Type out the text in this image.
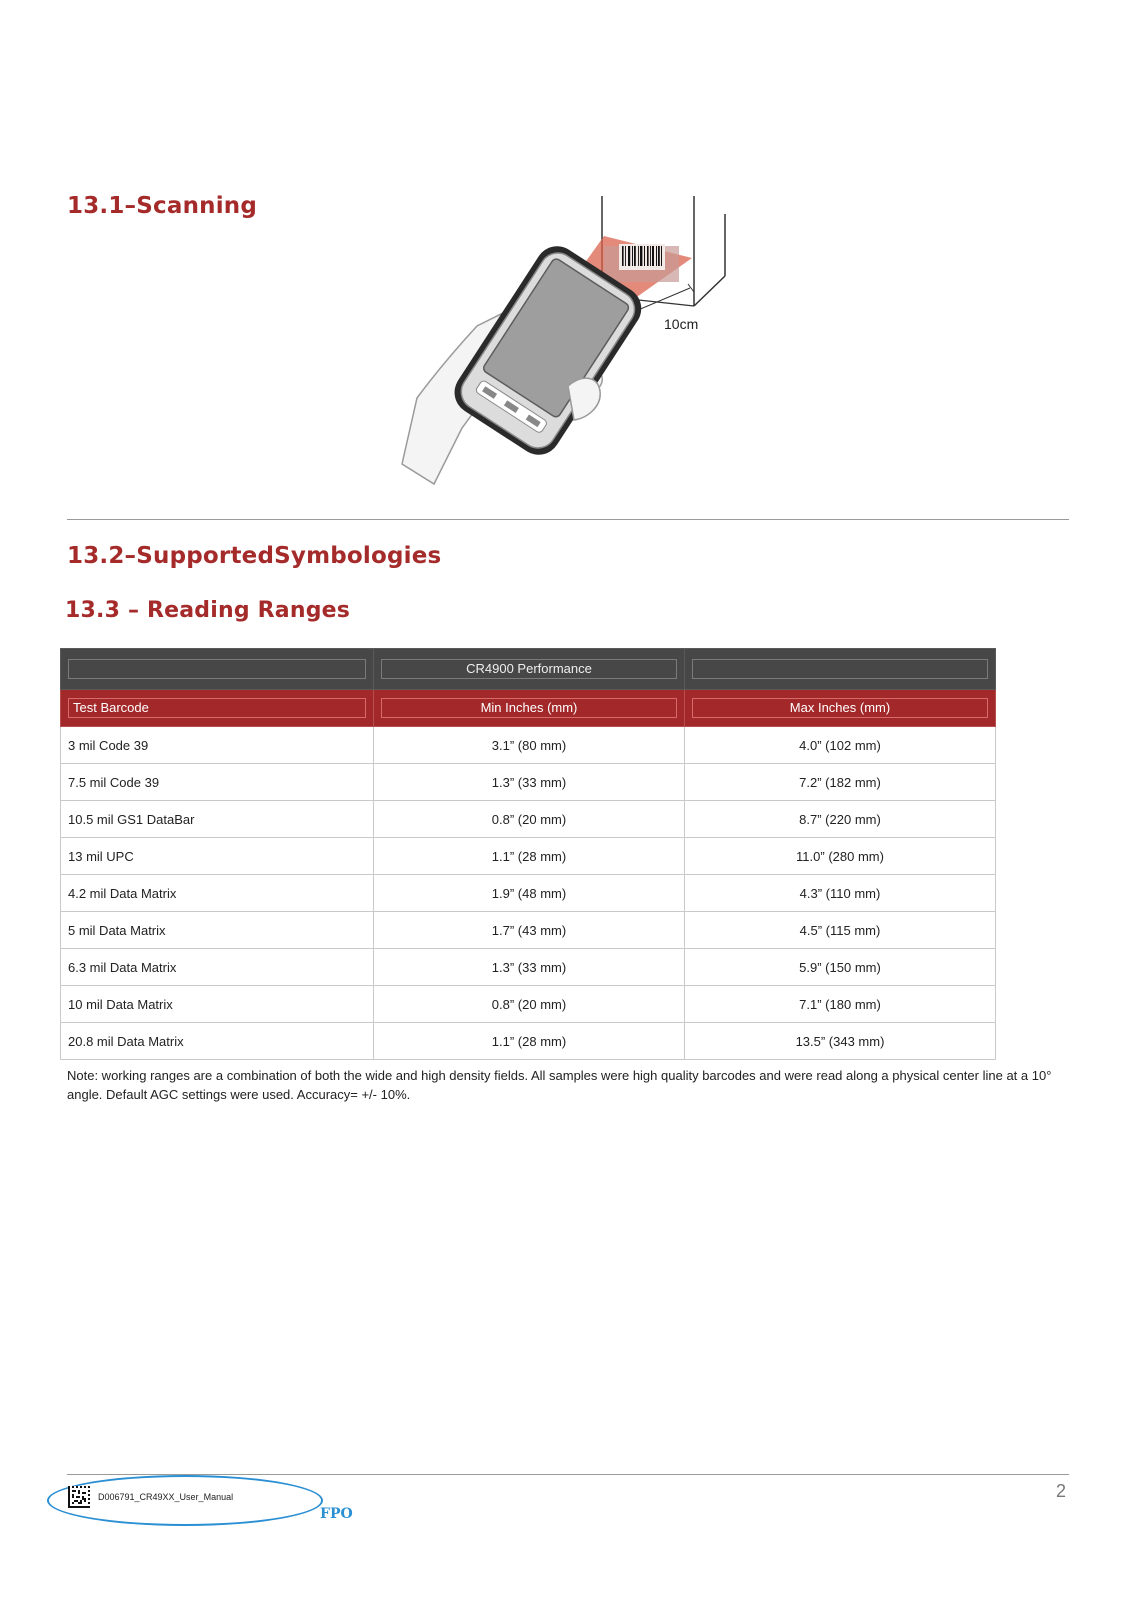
13.1–Scanning
10cm
13.2–SupportedSymbologies
13.3 – Reading Ranges

	CR4900 Performance	

Test Barcode	Min Inches (mm)	Max Inches (mm)

3 mil Code 39	3.1” (80 mm)	4.0” (102 mm)
7.5 mil Code 39	1.3” (33 mm)	7.2” (182 mm)
10.5 mil GS1 DataBar	0.8” (20 mm)	8.7” (220 mm)
13 mil UPC	1.1” (28 mm)	11.0” (280 mm)
4.2 mil Data Matrix	1.9” (48 mm)	4.3” (110 mm)
5 mil Data Matrix	1.7” (43 mm)	4.5” (115 mm)
6.3 mil Data Matrix	1.3” (33 mm)	5.9” (150 mm)
10 mil Data Matrix	0.8” (20 mm)	7.1” (180 mm)
20.8 mil Data Matrix	1.1” (28 mm)	13.5” (343 mm)

Note: working ranges are a combination of both the wide and high density fields. All samples were high quality barcodes and were read along a physical center line at a 10° angle. Default AGC settings were used. Accuracy= +/- 10%.

D006791_CR49XX_User_Manual
FPO
2
